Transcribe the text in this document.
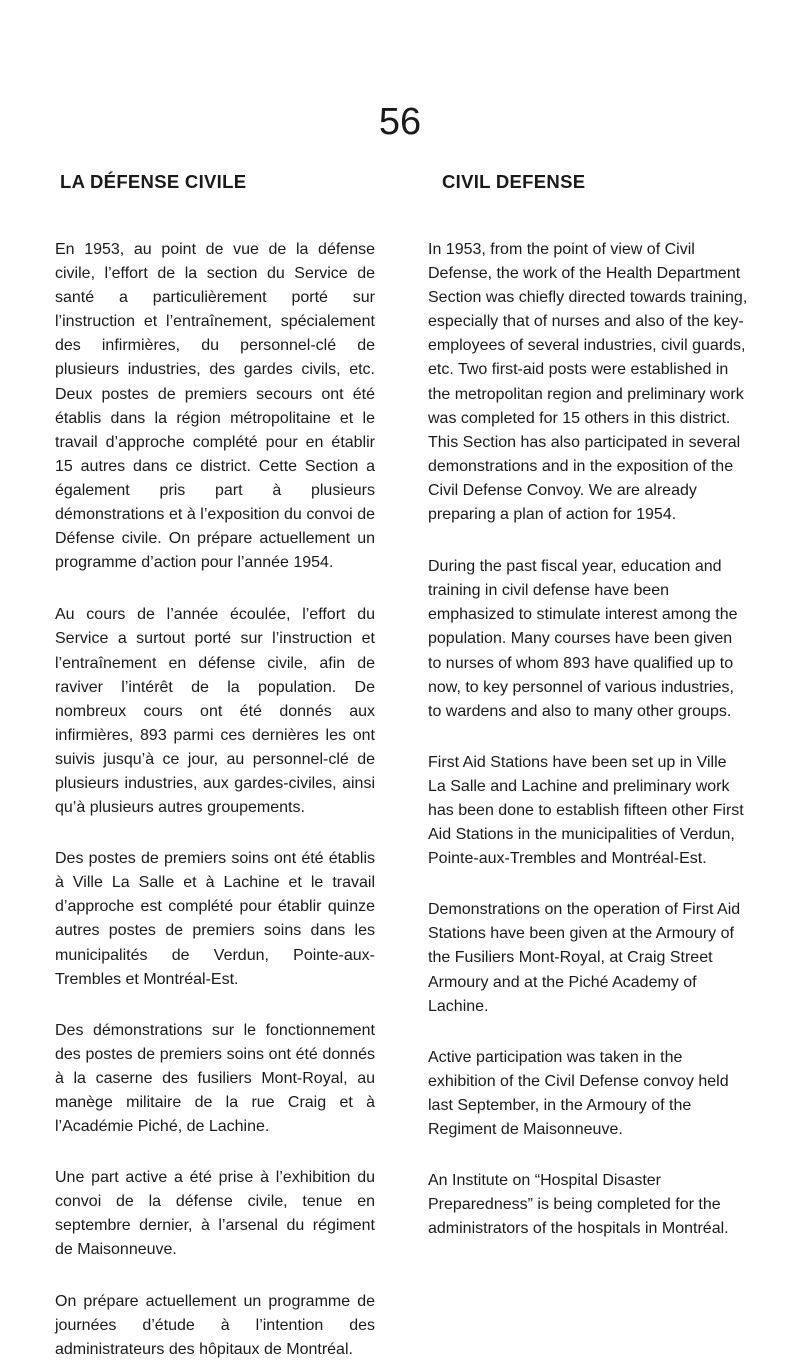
56
LA DÉFENSE CIVILE

En 1953, au point de vue de la défense civile, l’effort de la section du Service de santé a particulièrement porté sur l’instruction et l’entraînement, spécialement des infirmières, du personnel-clé de plusieurs industries, des gardes civils, etc. Deux postes de premiers secours ont été établis dans la région métropolitaine et le travail d’approche complété pour en établir 15 autres dans ce district. Cette Section a également pris part à plusieurs démonstrations et à l’exposition du convoi de Défense civile. On prépare actuellement un programme d’action pour l’année 1954.

Au cours de l’année écoulée, l’effort du Service a surtout porté sur l’instruction et l’entraînement en défense civile, afin de raviver l’intérêt de la population. De nombreux cours ont été donnés aux infirmières, 893 parmi ces dernières les ont suivis jusqu’à ce jour, au personnel-clé de plusieurs industries, aux gardes-civiles, ainsi qu’à plusieurs autres groupements.

Des postes de premiers soins ont été établis à Ville La Salle et à Lachine et le travail d’approche est complété pour établir quinze autres postes de premiers soins dans les municipalités de Verdun, Pointe-aux-Trembles et Montréal-Est.

Des démonstrations sur le fonctionnement des postes de premiers soins ont été donnés à la caserne des fusiliers Mont-Royal, au manège militaire de la rue Craig et à l’Académie Piché, de Lachine.

Une part active a été prise à l’exhibition du convoi de la défense civile, tenue en septembre dernier, à l’arsenal du régiment de Maisonneuve.

On prépare actuellement un programme de journées d’étude à l’intention des administrateurs des hôpitaux de Montréal.

CIVIL DEFENSE

In 1953, from the point of view of Civil Defense, the work of the Health Department Section was chiefly directed towards training, especially that of nurses and also of the key-employees of several industries, civil guards, etc. Two first-aid posts were established in the metropolitan region and preliminary work was completed for 15 others in this district. This Section has also participated in several demonstrations and in the exposition of the Civil Defense Convoy. We are already preparing a plan of action for 1954.

During the past fiscal year, education and training in civil defense have been emphasized to stimulate interest among the population. Many courses have been given to nurses of whom 893 have qualified up to now, to key personnel of various industries, to wardens and also to many other groups.

First Aid Stations have been set up in Ville La Salle and Lachine and preliminary work has been done to establish fifteen other First Aid Stations in the municipalities of Verdun, Pointe-aux-Trembles and Montréal-Est.

Demonstrations on the operation of First Aid Stations have been given at the Armoury of the Fusiliers Mont-Royal, at Craig Street Armoury and at the Piché Academy of Lachine.

Active participation was taken in the exhibition of the Civil Defense convoy held last September, in the Armoury of the Regiment de Maisonneuve.

An Institute on “Hospital Disaster Preparedness” is being completed for the administrators of the hospitals in Montréal.
